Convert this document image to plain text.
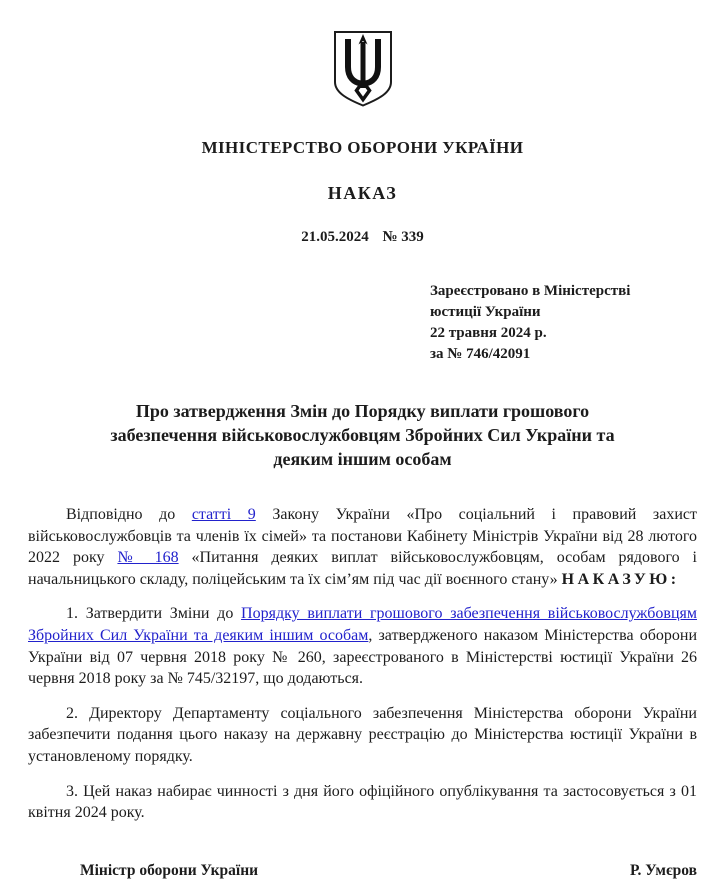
МІНІСТЕРСТВО ОБОРОНИ УКРАЇНИ
НАКАЗ
21.05.2024 № 339
Зареєстровано в Міністерстві
юстиції України
22 травня 2024 р.
за № 746/42091
Про затвердження Змін до Порядку виплати грошового
забезпечення військовослужбовцям Збройних Сил України та
деяким іншим особам

Відповідно до статті 9 Закону України «Про соціальний і правовий захист військовослужбовців та членів їх сімей» та постанови Кабінету Міністрів України від 28 лютого 2022 року № 168 «Питання деяких виплат військовослужбовцям, особам рядового і начальницького складу, поліцейським та їх сім’ям під час дії воєнного стану» НАКАЗУЮ:

1. Затвердити Зміни до Порядку виплати грошового забезпечення військовослужбовцям Збройних Сил України та деяким іншим особам, затвердженого наказом Міністерства оборони України від 07 червня 2018 року № 260, зареєстрованого в Міністерстві юстиції України 26 червня 2018 року за № 745/32197, що додаються.

2. Директору Департаменту соціального забезпечення Міністерства оборони України забезпечити подання цього наказу на державну реєстрацію до Міністерства юстиції України в установленому порядку.

3. Цей наказ набирає чинності з дня його офіційного опублікування та застосовується з 01 квітня 2024 року.

Міністр оборони України	Р. Умєров
